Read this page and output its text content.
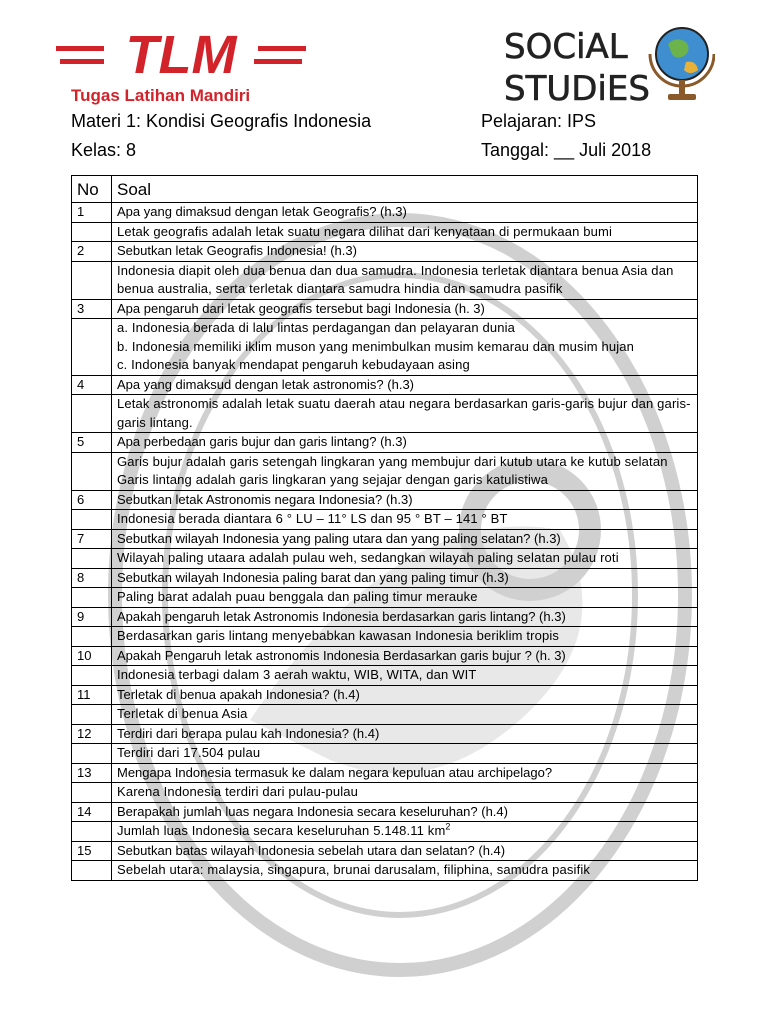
TLM
Tugas Latihan Mandiri
SOCiAL
STUDiES
Materi 1: Kondisi Geografis Indonesia
Kelas: 8
Pelajaran: IPS
Tanggal: __ Juli 2018
No	Soal
1	Apa yang dimaksud dengan letak Geografis? (h.3)

	Letak geografis adalah letak suatu negara dilihat dari kenyataan di permukaan bumi

2	Sebutkan letak Geografis Indonesia! (h.3)

	Indonesia diapit oleh dua benua dan dua samudra. Indonesia terletak diantara benua Asia dan benua australia, serta terletak diantara samudra hindia dan samudra pasifik

3	Apa pengaruh dari letak geografis tersebut bagi Indonesia (h. 3)

	a. Indonesia berada di lalu lintas perdagangan dan pelayaran dunia
b. Indonesia memiliki iklim muson yang menimbulkan musim kemarau dan musim hujan
c. Indonesia banyak mendapat pengaruh kebudayaan asing

4	Apa yang dimaksud dengan letak astronomis? (h.3)

	Letak astronomis adalah letak suatu daerah atau negara berdasarkan garis-garis bujur dan garis-garis lintang.

5	Apa perbedaan garis bujur dan garis lintang? (h.3)

	Garis bujur adalah garis setengah lingkaran yang membujur dari kutub utara ke kutub selatan
Garis lintang adalah garis lingkaran yang sejajar dengan garis katulistiwa

6	Sebutkan letak Astronomis negara Indonesia? (h.3)

	Indonesia berada diantara 6 ° LU – 11° LS dan 95 ° BT – 141 ° BT

7	Sebutkan wilayah Indonesia yang paling utara dan yang paling selatan? (h.3)

	Wilayah paling utaara adalah pulau weh, sedangkan wilayah paling selatan pulau roti

8	Sebutkan wilayah Indonesia paling barat dan yang paling timur (h.3)

	Paling barat adalah puau benggala dan paling timur merauke

9	Apakah pengaruh letak Astronomis Indonesia berdasarkan garis lintang? (h.3)

	Berdasarkan garis lintang menyebabkan kawasan Indonesia beriklim tropis

10	Apakah Pengaruh letak astronomis Indonesia Berdasarkan garis bujur ? (h. 3)

	Indonesia terbagi dalam 3 aerah waktu, WIB, WITA, dan WIT

11	Terletak di benua apakah Indonesia? (h.4)

	Terletak di benua Asia

12	Terdiri dari berapa pulau kah Indonesia? (h.4)

	Terdiri dari 17.504 pulau

13	Mengapa Indonesia termasuk ke dalam negara kepuluan atau archipelago?

	Karena Indonesia terdiri dari pulau-pulau

14	Berapakah jumlah luas negara Indonesia secara keseluruhan? (h.4)

	Jumlah luas Indonesia secara keseluruhan 5.148.11 $km^2$

15	Sebutkan batas wilayah Indonesia sebelah utara dan selatan? (h.4)

	Sebelah utara: malaysia, singapura, brunai darusalam, filiphina, samudra pasifik
